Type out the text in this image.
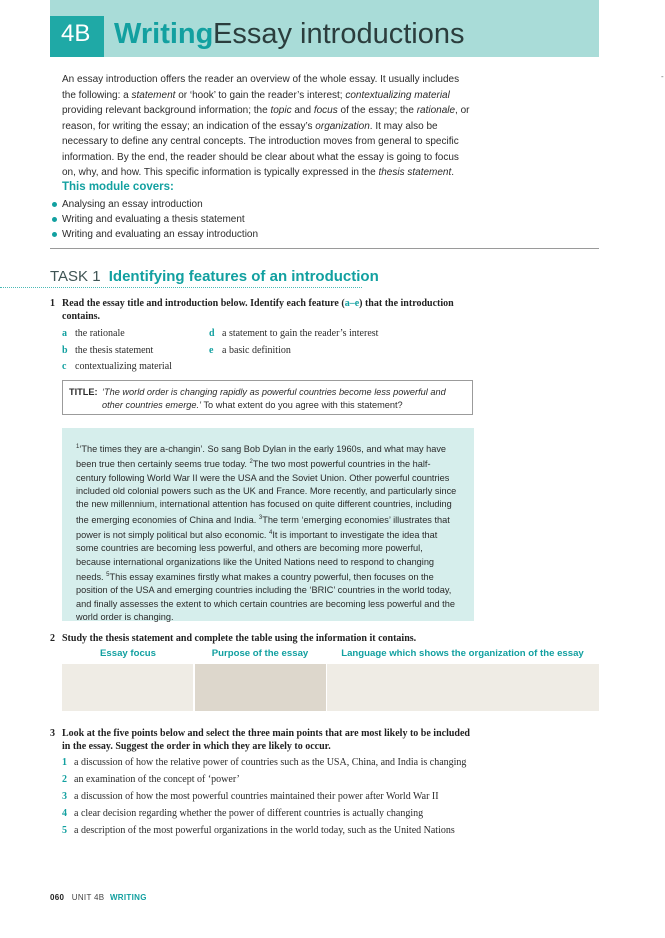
4B Writing Essay introductions
-
An essay introduction offers the reader an overview of the whole essay. It usually includes the following: a statement or ‘hook’ to gain the reader’s interest; contextualizing material providing relevant background information; the topic and focus of the essay; the rationale, or reason, for writing the essay; an indication of the essay’s organization. It may also be necessary to define any central concepts. The introduction moves from general to specific information. By the end, the reader should be clear about what the essay is going to focus on, why, and how. This specific information is typically expressed in the thesis statement.
This module covers:
Analysing an essay introduction
Writing and evaluating a thesis statement
Writing and evaluating an essay introduction
TASK 1 Identifying features of an introduction
1 Read the essay title and introduction below. Identify each feature (a–e) that the introduction contains.
a the rationale
b the thesis statement
c contextualizing material
d a statement to gain the reader’s interest
e a basic definition
TITLE: ‘The world order is changing rapidly as powerful countries become less powerful and other countries emerge.’ To what extent do you agree with this statement?
$^1$‘The times they are a-changin’. So sang Bob Dylan in the early 1960s, and what may have been true then certainly seems true today. $^2$The two most powerful countries in the half-century following World War II were the USA and the Soviet Union. Other powerful countries included old colonial powers such as the UK and France. More recently, and particularly since the new millennium, international attention has focused on quite different countries, including the emerging economies of China and India. $^3$The term ‘emerging economies’ illustrates that power is not simply political but also economic. $^4$It is important to investigate the idea that some countries are becoming less powerful, and others are becoming more powerful, because international organizations like the United Nations need to respond to changing needs. $^5$This essay examines firstly what makes a country powerful, then focuses on the position of the USA and emerging countries including the ‘BRIC’ countries in the world today, and finally assesses the extent to which certain countries are becoming less powerful and the world order is changing.
2 Study the thesis statement and complete the table using the information it contains.
Essay focus	Purpose of the essay	Language which shows the organization of the essay
3 Look at the five points below and select the three main points that are most likely to be included in the essay. Suggest the order in which they are likely to occur.
1 a discussion of how the relative power of countries such as the USA, China, and India is changing
2 an examination of the concept of ‘power’
3 a discussion of how the most powerful countries maintained their power after World War II
4 a clear decision regarding whether the power of different countries is actually changing
5 a description of the most powerful organizations in the world today, such as the United Nations
060 UNIT 4B WRITING
